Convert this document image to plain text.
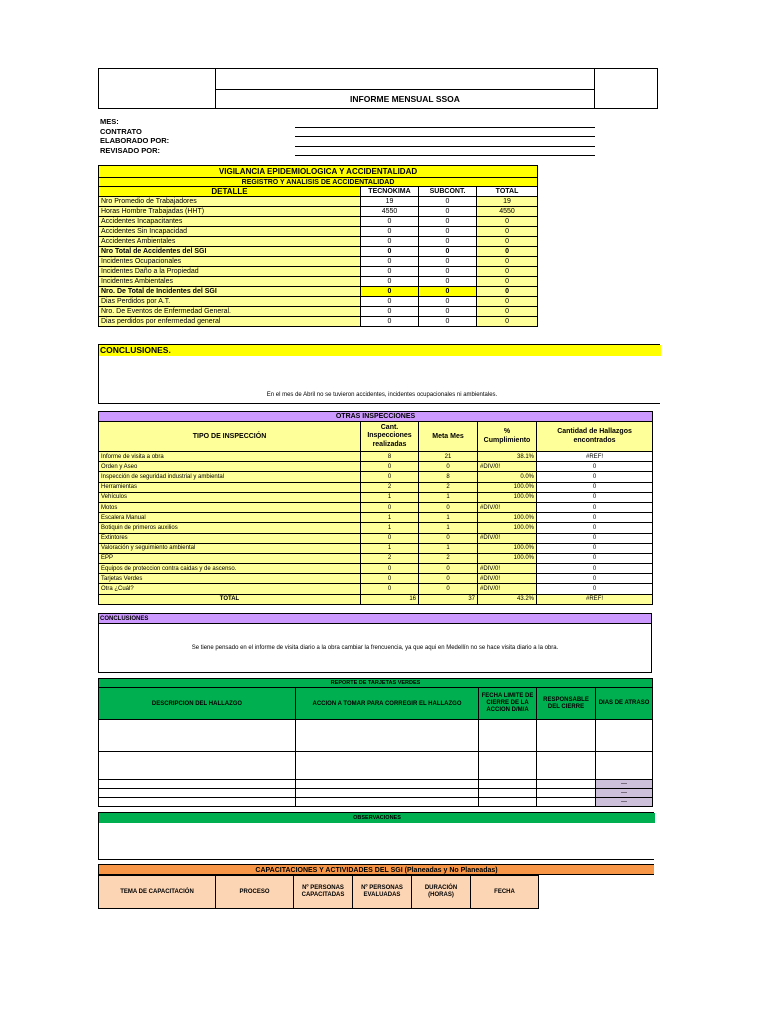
INFORME MENSUAL SSOA
MES:
CONTRATO
ELABORADO POR:
REVISADO POR:
VIGILANCIA EPIDEMIOLOGICA Y ACCIDENTALIDAD			
REGISTRO Y ANALISIS DE ACCIDENTALIDAD			
DETALLE	TECNOKIMA	SUBCONT.	TOTAL
Nro Promedio de Trabajadores	19	0	19
Horas Hombre Trabajadas (HHT)	4550	0	4550
Accidentes Incapacitantes	0	0	0
Accidentes Sin Incapacidad	0	0	0
Accidentes Ambientales	0	0	0
Nro Total de Accidentes del SGI	0	0	0
Incidentes Ocupacionales	0	0	0
Incidentes Daño a la Propiedad	0	0	0
Incidentes Ambientales	0	0	0
Nro. De Total de Incidentes del SGI	0	0	0
Dias Perdidos por A.T.	0	0	0
Nro. De Eventos de Enfermedad General.	0	0	0
Dias perdidos por enfermedad general	0	0	0
CONCLUSIONES.
En el mes de Abril no se tuvieron accidentes, incidentes ocupacionales ni ambientales.
OTRAS INSPECCIONES				
TIPO DE INSPECCIÓN	Cant. Inspecciones realizadas	Meta Mes	% Cumplimiento	Cantidad de Hallazgos encontrados
Informe de visita a obra	8	21	38.1%	#REF!
Orden y Aseo	0	0	#DIV/0!	0
Inspección de seguridad industrial y ambiental	0	8	0.0%	0
Herramientas	2	2	100.0%	0
Vehículos	1	1	100.0%	0
Motos	0	0	#DIV/0!	0
Escalera Manual	1	1	100.0%	0
Botiquin de primeros auxilios	1	1	100.0%	0
Extintores	0	0	#DIV/0!	0
Valoración y seguimiento ambiental	1	1	100.0%	0
EPP	2	2	100.0%	0
Equipos de proteccion contra caidas y de ascenso.	0	0	#DIV/0!	0
Tarjetas Verdes	0	0	#DIV/0!	0
Otra ¿Cuál?	0	0	#DIV/0!	0
TOTAL	16	37	43.2%	#REF!
CONCLUSIONES
Se tiene pensado en el informe de visita diario a la obra cambiar la frencuencia, ya que aqui en Medellín no se hace visita diario a la obra.
REPORTE DE TARJETAS VERDES				
DESCRIPCION DEL HALLAZGO	ACCION A TOMAR PARA CORREGIR EL HALLAZGO	FECHA LIMITE DE CIERRE DE LA ACCION D/M/A	RESPONSABLE DEL CIERRE	DIAS DE ATRASO

				—
				—
				—
OBSERVACIONES
CAPACITACIONES Y ACTIVIDADES DEL SGI (Planeadas y No Planeadas)
TEMA DE CAPACITACIÓN	PROCESO	Nº PERSONAS CAPACITADAS	Nº PERSONAS EVALUADAS	DURACIÓN (HORAS)	FECHA
